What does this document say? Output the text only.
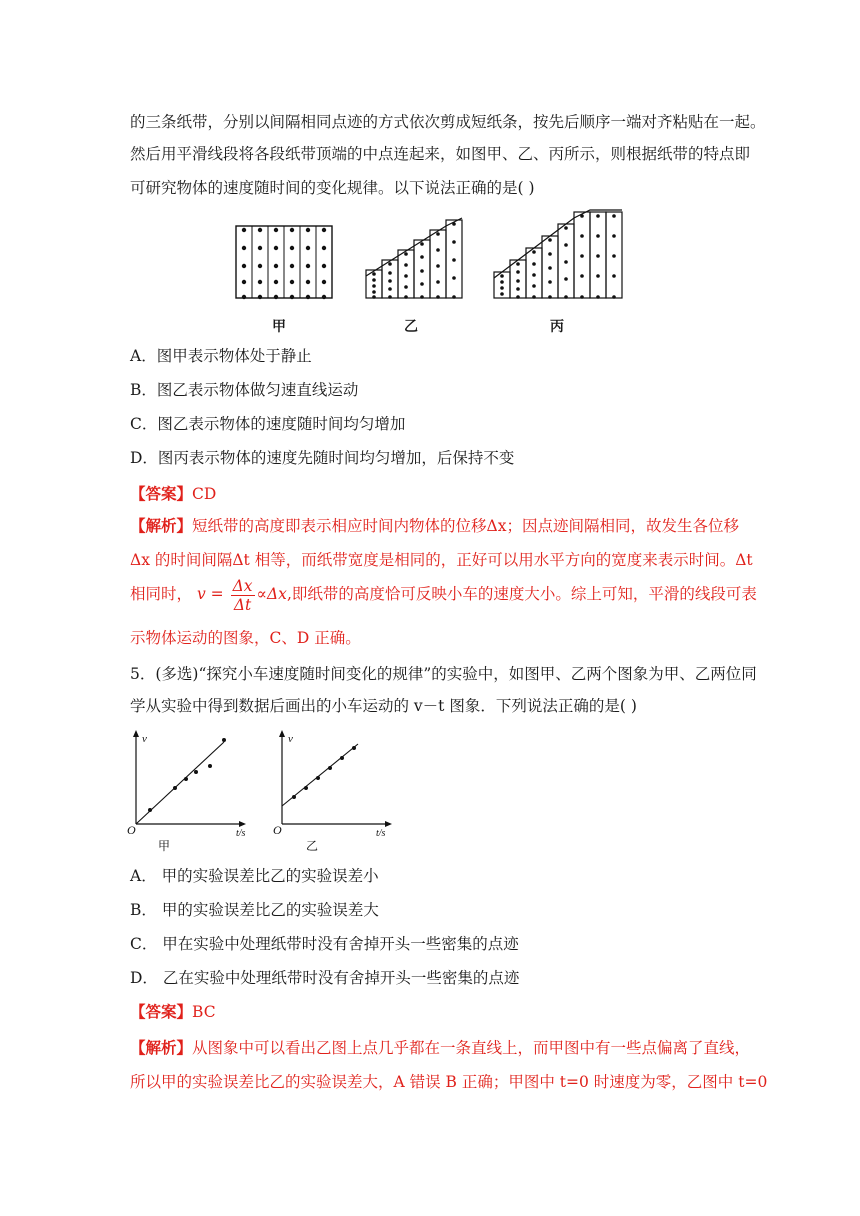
的三条纸带，分别以间隔相同点迹的方式依次剪成短纸条，按先后顺序一端对齐粘贴在一起。
然后用平滑线段将各段纸带顶端的中点连起来，如图甲、乙、丙所示，则根据纸带的特点即
可研究物体的速度随时间的变化规律。以下说法正确的是( )
甲	乙	丙
A．图甲表示物体处于静止
B．图乙表示物体做匀速直线运动
C．图乙表示物体的速度随时间均匀增加
D．图丙表示物体的速度先随时间均匀增加，后保持不变
【答案】CD
【解析】短纸带的高度即表示相应时间内物体的位移Δx；因点迹间隔相同，故发生各位移
Δx 的时间间隔Δt 相等，而纸带宽度是相同的，正好可以用水平方向的宽度来表示时间。Δt
相同时， $v = \frac{\Delta x}{\Delta t} \propto\Delta x$,即纸带的高度恰可反映小车的速度大小。综上可知，平滑的线段可表
示物体运动的图象，C、D 正确。
5．(多选)“探究小车速度随时间变化的规律”的实验中，如图甲、乙两个图象为甲、乙两位同
学从实验中得到数据后画出的小车运动的 v－t 图象．下列说法正确的是( )
v
O	t/s
甲
v
O	t/s
乙
A． 甲的实验误差比乙的实验误差小
B． 甲的实验误差比乙的实验误差大
C． 甲在实验中处理纸带时没有舍掉开头一些密集的点迹
D． 乙在实验中处理纸带时没有舍掉开头一些密集的点迹
【答案】BC
【解析】从图象中可以看出乙图上点几乎都在一条直线上，而甲图中有一些点偏离了直线，
所以甲的实验误差比乙的实验误差大，A 错误 B 正确；甲图中 t=0 时速度为零，乙图中 t=0
